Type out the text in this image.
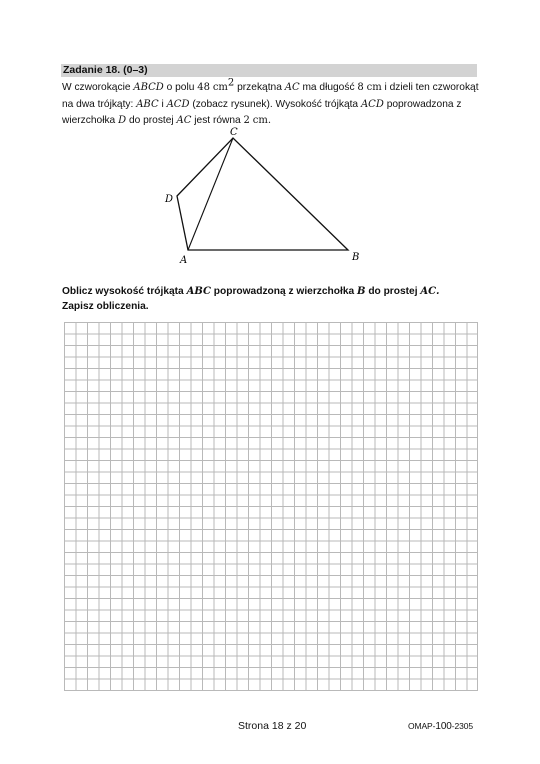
Zadanie 18. (0–3)
W czworokącie ABCD o polu 48 $cm^2$ przekątna AC ma długość 8 cm i dzieli ten czworokąt na dwa trójkąty: ABC i ACD (zobacz rysunek). Wysokość trójkąta ACD poprowadzona z wierzchołka D do prostej AC jest równa 2 cm.
C
D
A	B
Oblicz wysokość trójkąta ABC poprowadzoną z wierzchołka B do prostej AC.
Zapisz obliczenia.
Strona 18 z 20	OMAP-100-2305
